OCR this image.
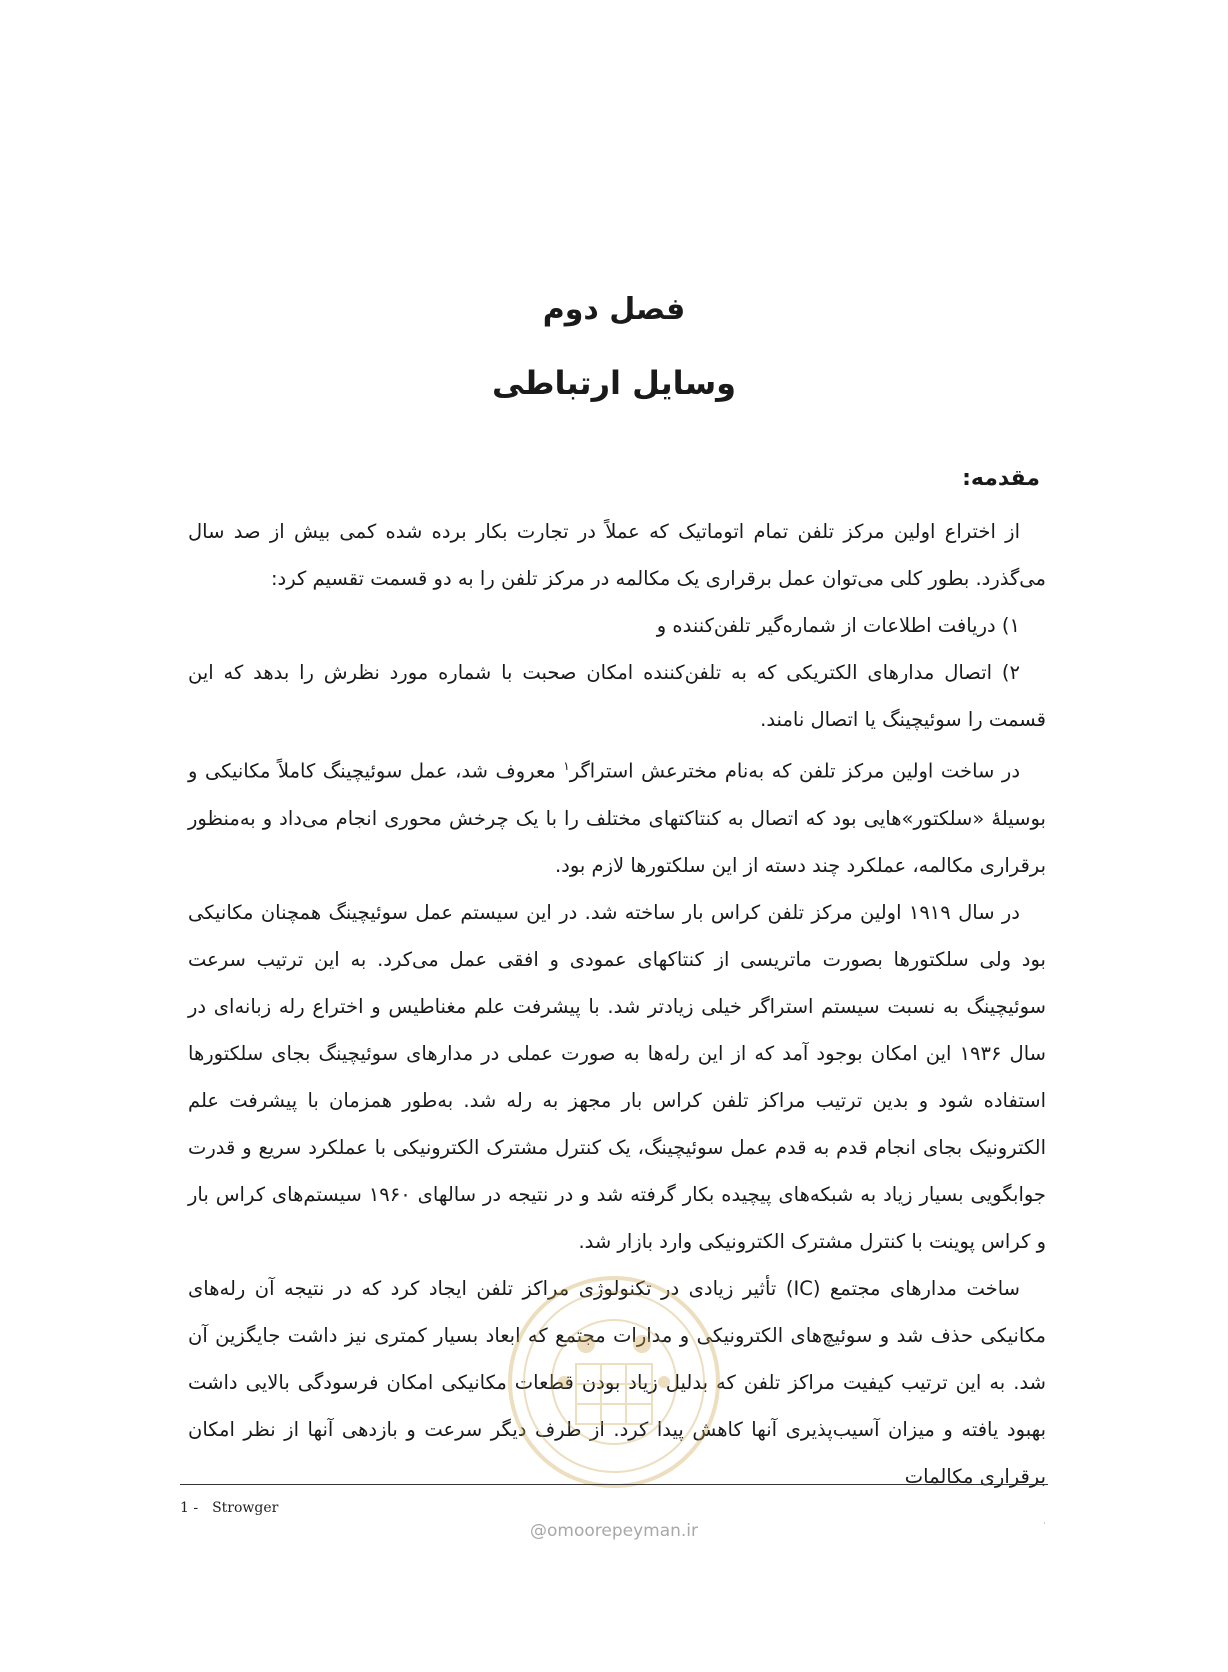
فصل دوم
وسایل ارتباطی
مقدمه:

از اختراع اولین مرکز تلفن تمام اتوماتیک که عملاً در تجارت بکار برده شده کمی بیش از صد سال می‌گذرد. بطور کلی می‌توان عمل برقراری یک مکالمه در مرکز تلفن را به دو قسمت تقسیم کرد:

۱) دریافت اطلاعات از شماره‌گیر تلفن‌کننده و

۲) اتصال مدارهای الکتریکی که به تلفن‌کننده امکان صحبت با شماره مورد نظرش را بدهد که این قسمت را سوئیچینگ یا اتصال نامند.

در ساخت اولین مرکز تلفن که به‌نام مخترعش استراگر$^۱$ معروف شد، عمل سوئیچینگ کاملاً مکانیکی و بوسیلهٔ «سلکتور»هایی بود که اتصال به کنتاکتهای مختلف را با یک چرخش محوری انجام می‌داد و به‌منظور برقراری مکالمه، عملکرد چند دسته از این سلکتورها لازم بود.

در سال ۱۹۱۹ اولین مرکز تلفن کراس بار ساخته شد. در این سیستم عمل سوئیچینگ همچنان مکانیکی بود ولی سلکتورها بصورت ماتریسی از کنتاکهای عمودی و افقی عمل می‌کرد. به این ترتیب سرعت سوئیچینگ به نسبت سیستم استراگر خیلی زیادتر شد. با پیشرفت علم مغناطیس و اختراع رله زبانه‌ای در سال ۱۹۳۶ این امکان بوجود آمد که از این رله‌ها به صورت عملی در مدارهای سوئیچینگ بجای سلکتورها استفاده شود و بدین ترتیب مراکز تلفن کراس بار مجهز به رله شد. به‌طور همزمان با پیشرفت علم الکترونیک بجای انجام قدم به قدم عمل سوئیچینگ، یک کنترل مشترک الکترونیکی با عملکرد سریع و قدرت جوابگویی بسیار زیاد به شبکه‌های پیچیده بکار گرفته شد و در نتیجه در سالهای ۱۹۶۰ سیستم‌های کراس بار و کراس پوینت با کنترل مشترک الکترونیکی وارد بازار شد.

ساخت مدارهای مجتمع (IC) تأثیر زیادی در تکنولوژی مراکز تلفن ایجاد کرد که در نتیجه آن رله‌های مکانیکی حذف شد و سوئیچ‌های الکترونیکی و مدارات مجتمع که ابعاد بسیار کمتری نیز داشت جایگزین آن شد. به این ترتیب کیفیت مراکز تلفن که بدلیل زیاد بودن قطعات مکانیکی امکان فرسودگی بالایی داشت بهبود یافته و میزان آسیب‌پذیری آنها کاهش پیدا کرد. از طرف دیگر سرعت و بازدهی آنها از نظر امکان برقراری مکالمات

1 - Strowger
@omoorepeyman.ir	˙
